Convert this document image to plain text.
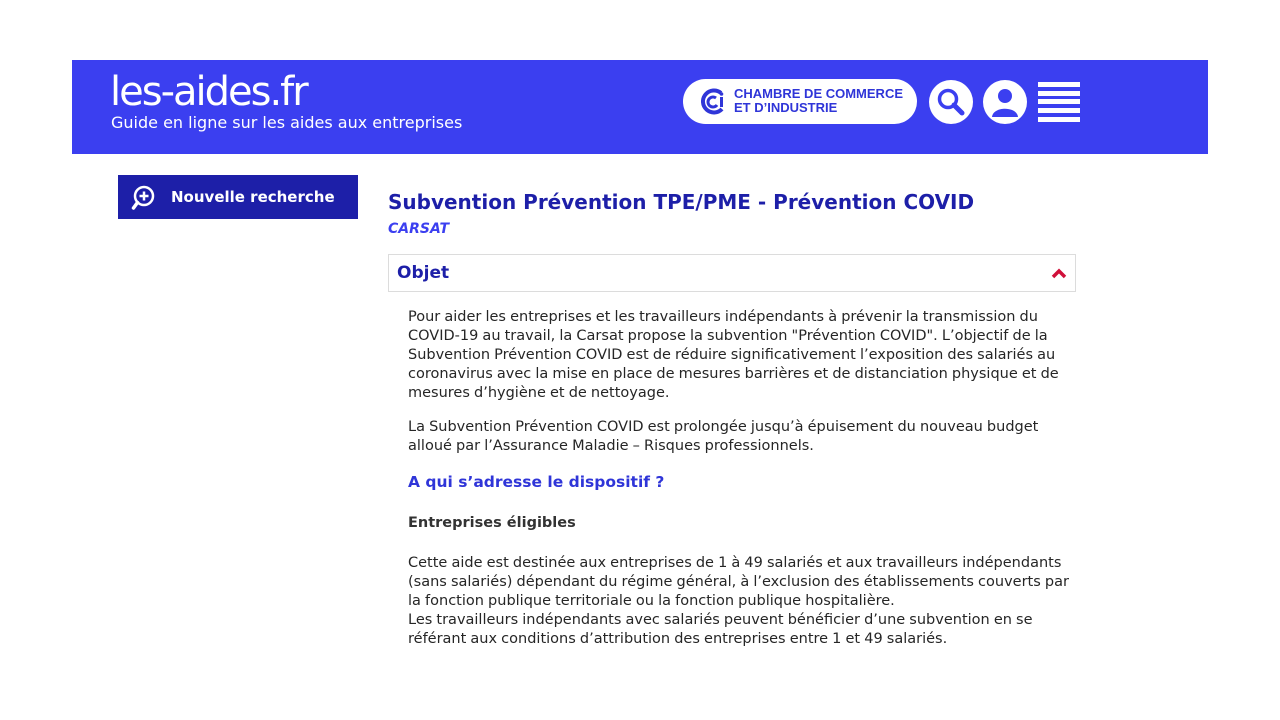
les-aides.fr
Guide en ligne sur les aides aux entreprises
CHAMBRE DE COMMERCE
ET D’INDUSTRIE
Nouvelle recherche	Subvention Prévention TPE/PME - Prévention COVID
CARSAT
Objet

Pour aider les entreprises et les travailleurs indépendants à prévenir la transmission du COVID-19 au travail, la Carsat propose la subvention "Prévention COVID". L’objectif de la Subvention Prévention COVID est de réduire significativement l’exposition des salariés au coronavirus avec la mise en place de mesures barrières et de distanciation physique et de mesures d’hygiène et de nettoyage.

La Subvention Prévention COVID est prolongée jusqu’à épuisement du nouveau budget alloué par l’Assurance Maladie – Risques professionnels.

A qui s’adresse le dispositif ?
Entreprises éligibles

Cette aide est destinée aux entreprises de 1 à 49 salariés et aux travailleurs indépendants (sans salariés) dépendant du régime général, à l’exclusion des établissements couverts par la fonction publique territoriale ou la fonction publique hospitalière.

Les travailleurs indépendants avec salariés peuvent bénéficier d’une subvention en se référant aux conditions d’attribution des entreprises entre 1 et 49 salariés.
